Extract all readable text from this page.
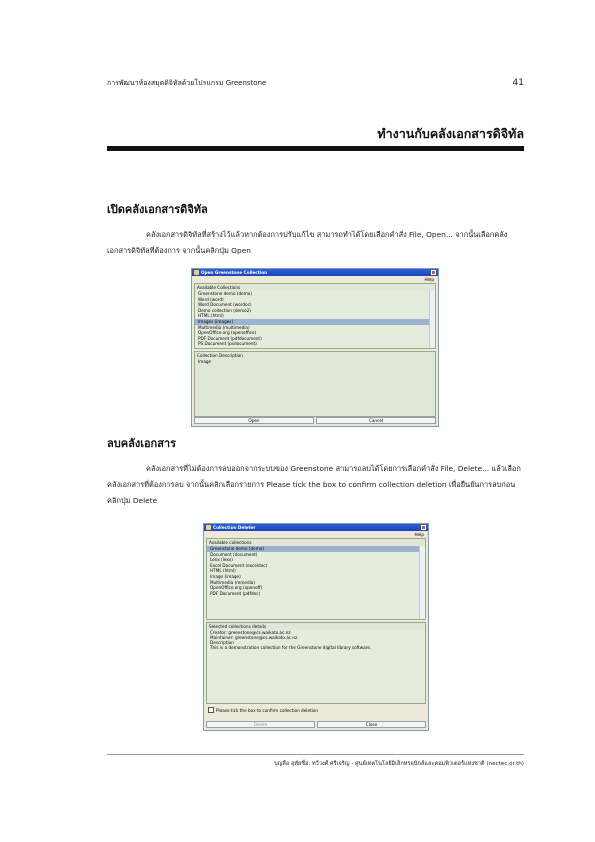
การพัฒนาห้องสมุดดิจิทัลด้วยโปรแกรม Greenstone	41
ทำงานกับคลังเอกสารดิจิทัล
เปิดคลังเอกสารดิจิทัล
คลังเอกสารดิจิทัลที่สร้างไว้แล้วหากต้องการปรับแก้ไข สามารถทำได้โดยเลือกคำสั่ง File, Open... จากนั้นเลือกคลังเอกสารดิจิทัลที่ต้องการ จากนั้นคลิกปุ่ม Open
Open Greenstone Collection
Help
Available Collections
Greenstone demo (demo)
Word (word)
Word Document (wordoc)
Demo collection (demo2)
HTML (html)
Images (images)
Multimedia (multimedia)
OpenOffice.org (openoffice)
PDF Document (pdfdocument)
PS Document (psdocument)
Collection Description
Image
Open	Cancel
ลบคลังเอกสาร
คลังเอกสารที่ไม่ต้องการลบออกจากระบบของ Greenstone สามารถลบได้โดยการเลือกคำสั่ง File, Delete... แล้วเลือกคลังเอกสารที่ต้องการลบ จากนั้นคลิกเลือกรายการ Please tick the box to confirm collection deletion เพื่อยืนยันการลบก่อนคลิกปุ่ม Delete
Collection Deleter
Help
Available collections
Greenstone demo (demo)
Document (document)
Lexx (lexx)
Excel Document (exceldoc)
HTML (html)
Image (image)
Multimedia (mmedia)
OpenOffice.org (openoff)
PDF Document (pdfdoc)
Selected collections details
Creator: greenstone@cs.waikato.ac.nz
Maintainer: greenstone@cs.waikato.ac.nz
Description
This is a demonstration collection for the Greenstone digital library software.
Please tick the box to confirm collection deletion
Delete	Close
บุญลือ อุทัยชื่อ, ทวีวงศ์ ศรีเจริญ - ศูนย์เทคโนโลยีอิเล็กทรอนิกส์และคอมพิวเตอร์แห่งชาติ (nectec.or.th)
